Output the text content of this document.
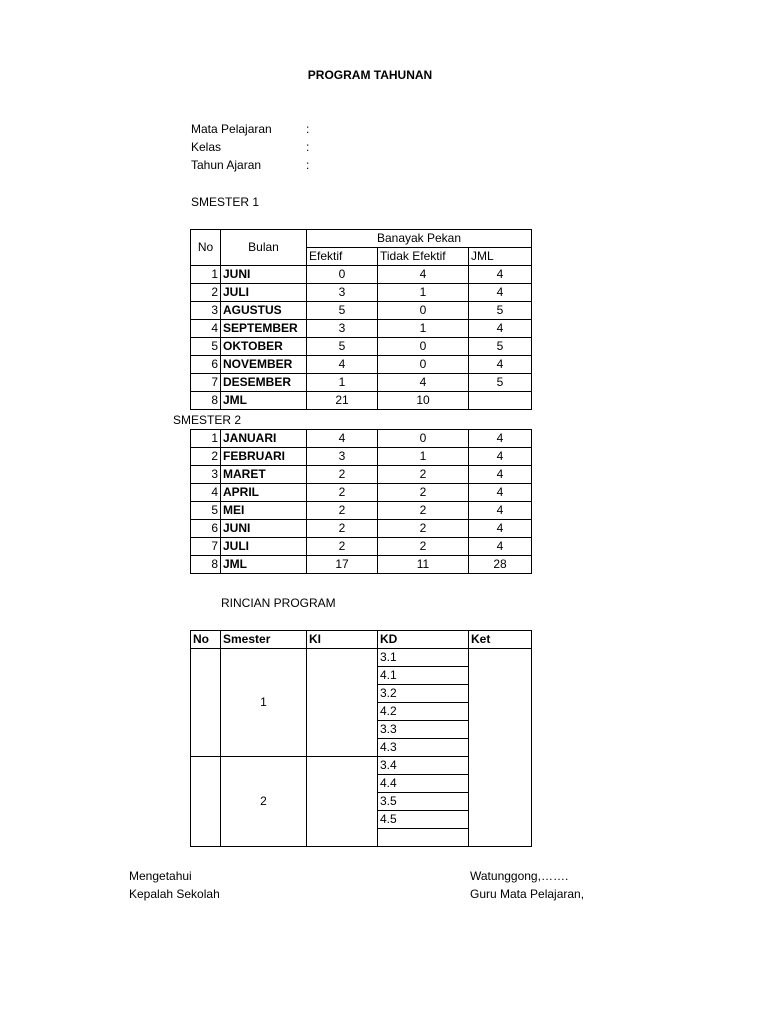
PROGRAM TAHUNAN
Mata Pelajaran	:
Kelas	:
Tahun Ajaran	:
SMESTER 1
No	Bulan	Banayak Pekan		
		Efektif	Tidak Efektif	JML
1	JUNI	0	4	4
2	JULI	3	1	4
3	AGUSTUS	5	0	5
4	SEPTEMBER	3	1	4
5	OKTOBER	5	0	5
6	NOVEMBER	4	0	4
7	DESEMBER	1	4	5
8	JML	21	10	
SMESTER 2
1	JANUARI	4	0	4
2	FEBRUARI	3	1	4
3	MARET	2	2	4
4	APRIL	2	2	4
5	MEI	2	2	4
6	JUNI	2	2	4
7	JULI	2	2	4
8	JML	17	11	28
RINCIAN PROGRAM
No	Smester	KI	KD	Ket
	1		3.1	
			4.1	
			3.2	
			4.2	
			3.3	
			4.3	
	2		3.4	
			4.4	
			3.5	
			4.5	

Mengetahui
Kepalah Sekolah
Watunggong,…….
Guru Mata Pelajaran,
